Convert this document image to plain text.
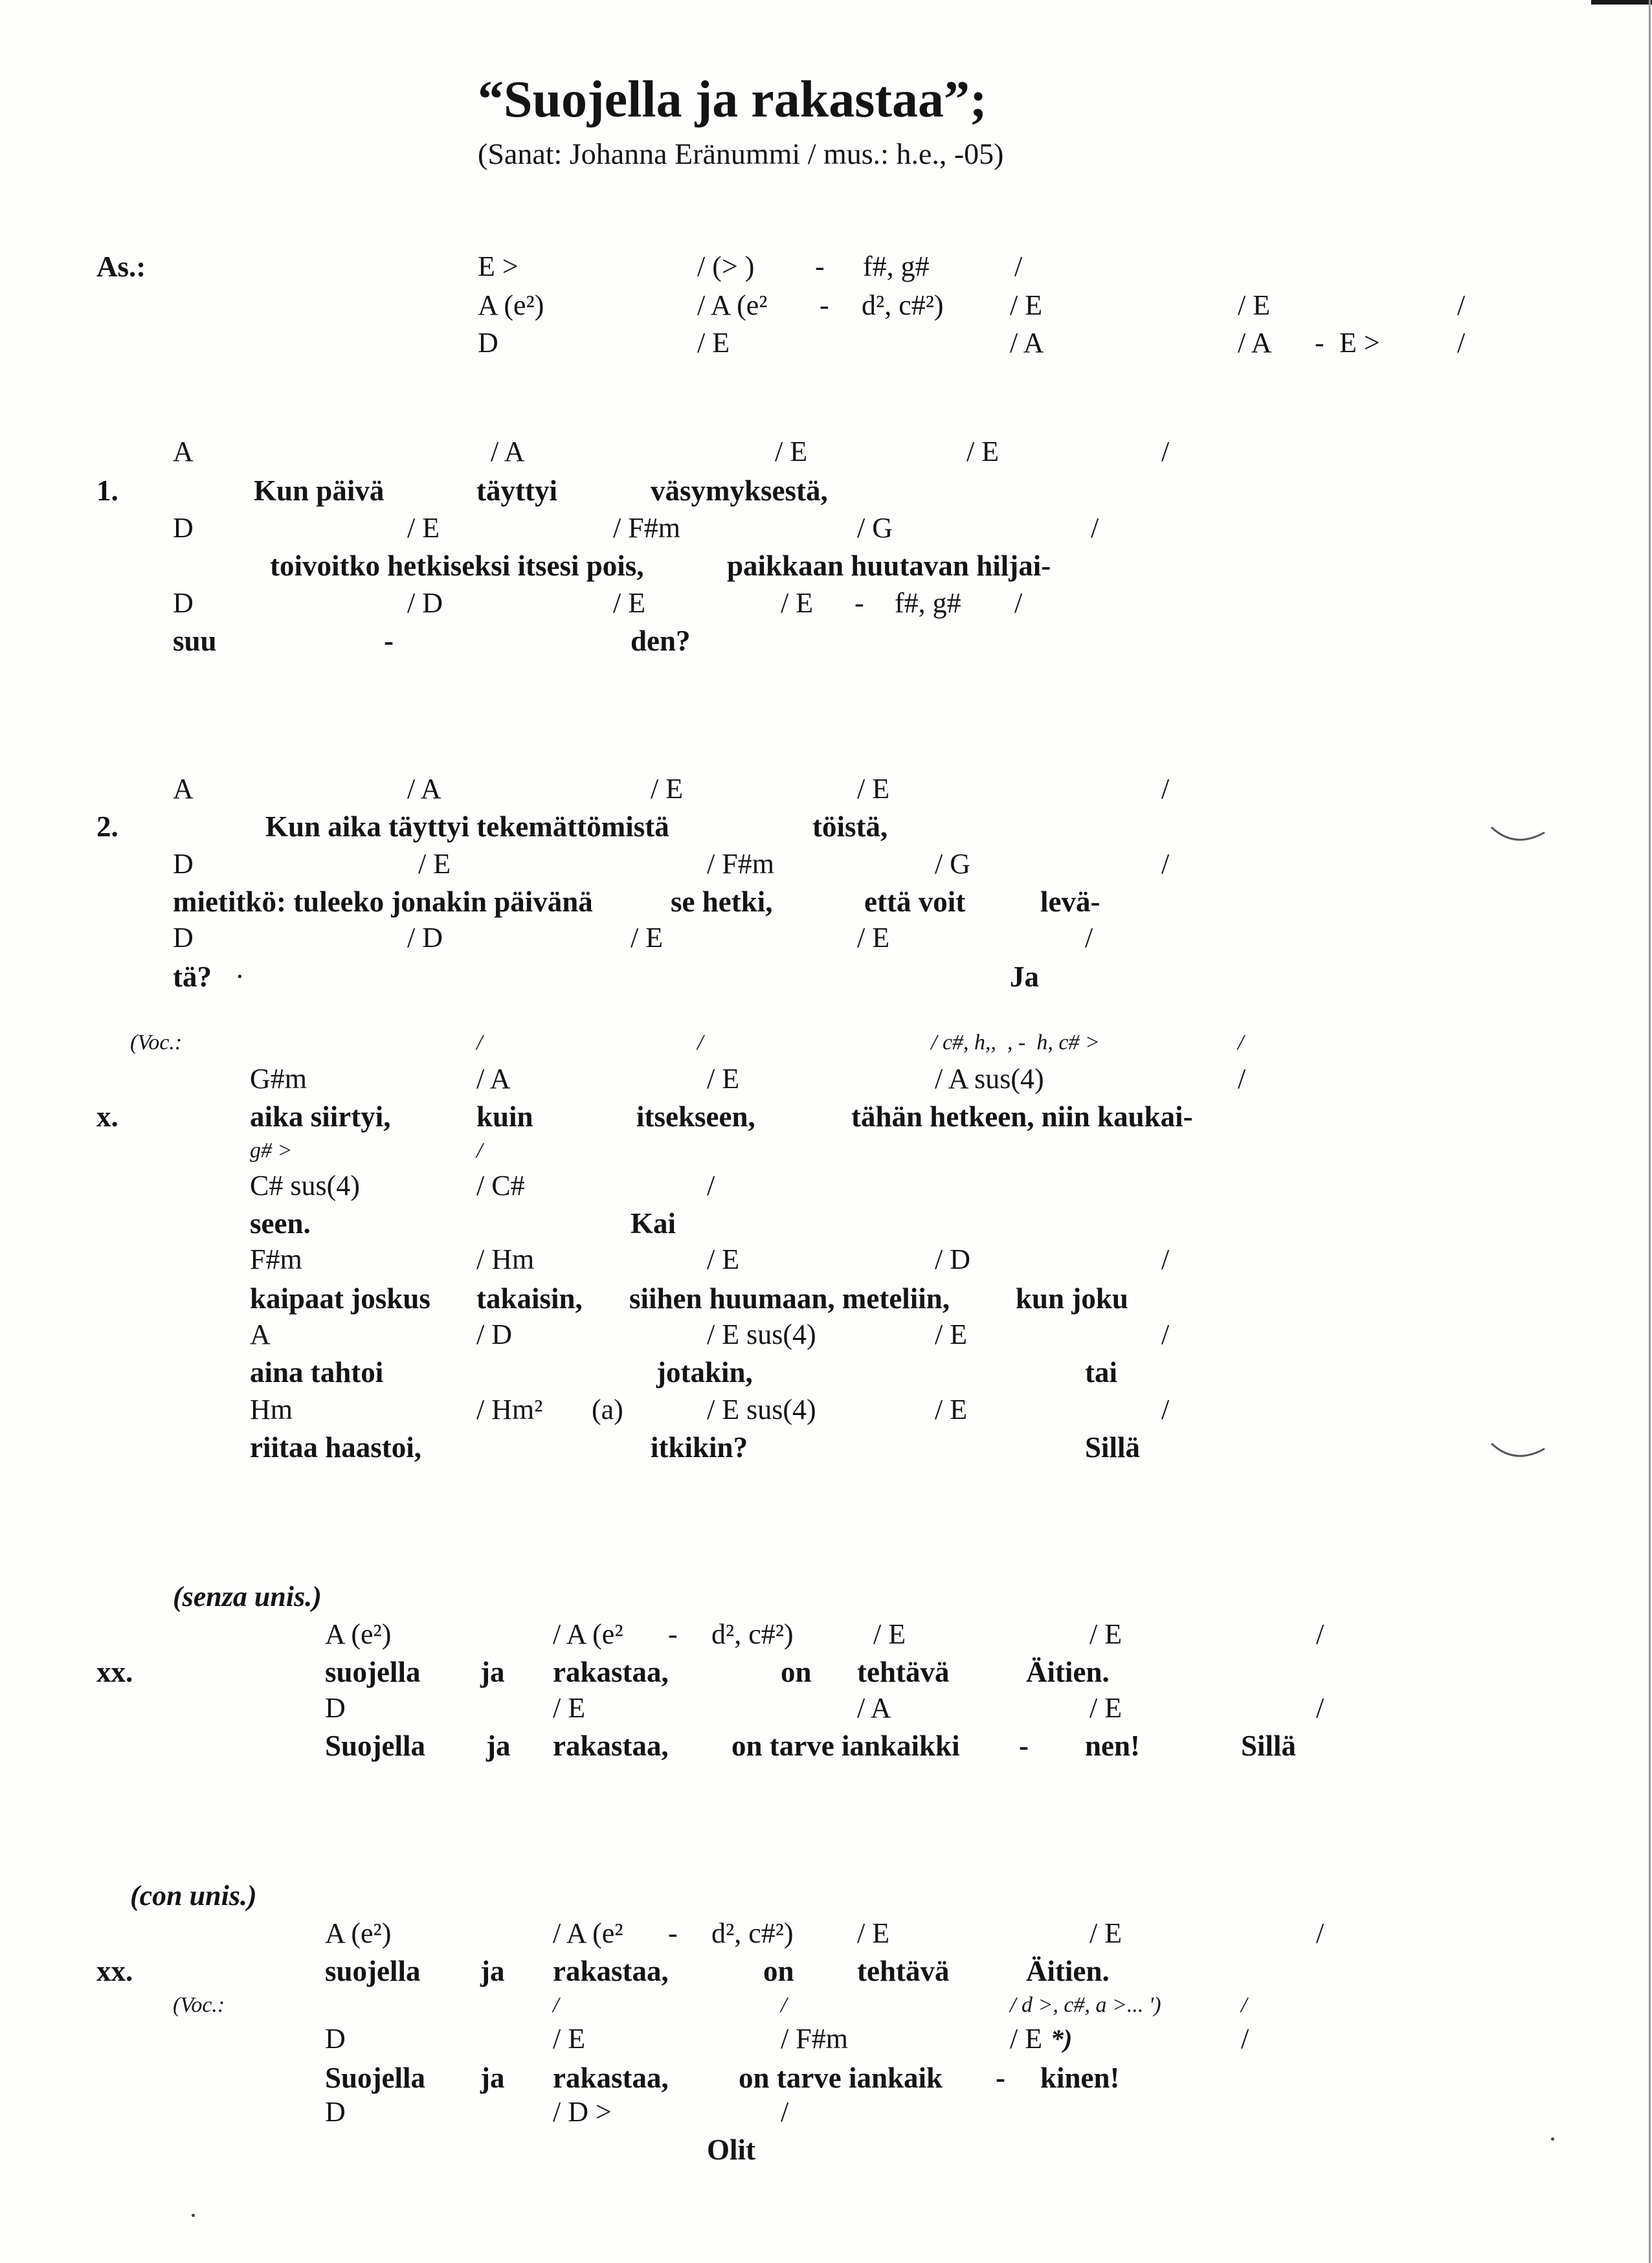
“Suojella ja rakastaa”;
(Sanat: Johanna Eränummi / mus.: h.e., -05)
As.:	E >	/ (> ) - f#, g#	/
A (e²)	/ A (e² - d², c#²) / E	/ E	/
D	/ E	/ A	/ A - E >	/
A	/ A	/ E	/ E	/
1.	Kun päivä	täyttyi	väsymyksestä,
D	/ E	/ F#m	/ G	/
toivoitko hetkiseksi itsesi pois,	paikkaan huutavan hiljai-
D	/ D	/ E	/ E - f#, g# /
suu	-	den?
A	/ A	/ E	/ E	/
2.	Kun aika täyttyi tekemättömistä	töistä,
D	/ E	/ F#m	/ G	/
mietitkö: tuleeko jonakin päivänä	se hetki,	että voit	levä-
D	/ D	/ E	/ E	/
tä? ·	Ja
(Voc.:	/	/	/ c#, h,,  , -  h, c# >	/
G#m	/ A	/ E	/ A sus(4)	/
x.	aika siirtyi,	kuin	itsekseen,	tähän hetkeen, niin kaukai-
g# >	/
C# sus(4)	/ C#	/
seen.	Kai
F#m	/ Hm	/ E	/ D	/
kaipaat joskus takaisin, siihen huumaan, meteliin, kun joku
A	/ D	/ E sus(4)	/ E	/
aina tahtoi	jotakin,	tai
Hm	/ Hm² (a)	/ E sus(4)	/ E	/
riitaa haastoi,	itkikin?	Sillä
(senza unis.)
A (e²)	/ A (e² - d², c#²)	/ E	/ E	/
xx.	suojella ja rakastaa,	on tehtävä	Äitien.
D	/ E	/ A	/ E	/
Suojella ja rakastaa, on tarve iankaikki - nen!	Sillä
(con unis.)
A (e²)	/ A (e² - d², c#²) / E	/ E	/
xx.	suojella ja rakastaa,	on tehtävä	Äitien.
(Voc.:	/	/	/ d >, c#, a >... ')	/
D	/ E	/ F#m	/ E *)	/
Suojella ja rakastaa, on tarve iankaik - kinen!
D	/ D >	/
Olit
